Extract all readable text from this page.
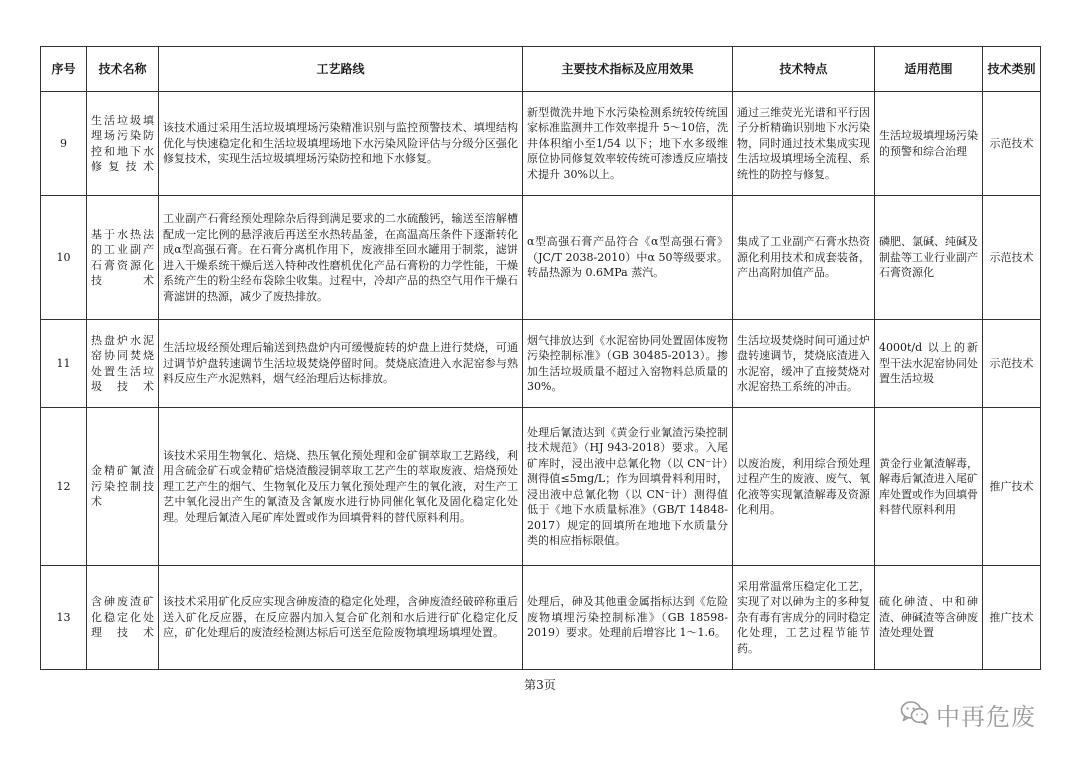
序号	技术名称	工艺路线	主要技术指标及应用效果	技术特点	适用范围	技术类别
9	生活垃圾填埋场污染防控和地下水修复技术	该技术通过采用生活垃圾填埋场污染精准识别与监控预警技术、填埋结构优化与快速稳定化和生活垃圾填埋场地下水污染风险评估与分级分区强化修复技术，实现生活垃圾填埋场污染防控和地下水修复。	新型微洗井地下水污染检测系统较传统国家标准监测井工作效率提升 5～10倍，洗井体积缩小至1/54 以下；地下水多级维原位协同修复效率较传统可渗透反应墙技术提升 30%以上。	通过三维荧光光谱和平行因子分析精确识别地下水污染物，同时通过技术集成实现生活垃圾填埋场全流程、系统性的防控与修复。	生活垃圾填埋场污染的预警和综合治理	示范技术
10	基于水热法的工业副产石膏资源化技术	工业副产石膏经预处理除杂后得到满足要求的二水硫酸钙，输送至溶解槽配成一定比例的悬浮液后再送至水热转晶釜，在高温高压条件下逐渐转化成α型高强石膏。在石膏分离机作用下，废液排至回水罐用于制浆，滤饼进入干燥系统干燥后送入特种改性磨机优化产品石膏粉的力学性能，干燥系统产生的粉尘经布袋除尘收集。过程中，冷却产品的热空气用作干燥石膏滤饼的热源，减少了废热排放。	α型高强石膏产品符合《α型高强石膏》（JC/T 2038-2010）中α 50等级要求。转晶热源为 0.6MPa 蒸汽。	集成了工业副产石膏水热资源化利用技术和成套装备，产出高附加值产品。	磷肥、氯碱、纯碱及制盐等工业行业副产石膏资源化	示范技术
11	热盘炉水泥窑协同焚烧处置生活垃圾技术	生活垃圾经预处理后输送到热盘炉内可缓慢旋转的炉盘上进行焚烧，可通过调节炉盘转速调节生活垃圾焚烧停留时间。焚烧底渣进入水泥窑参与熟料反应生产水泥熟料，烟气经治理后达标排放。	烟气排放达到《水泥窑协同处置固体废物污染控制标准》（GB 30485-2013）。掺加生活垃圾质量不超过入窑物料总质量的 30%。	生活垃圾焚烧时间可通过炉盘转速调节，焚烧底渣进入水泥窑，缓冲了直接焚烧对水泥窑热工系统的冲击。	4000t/d 以上的新型干法水泥窑协同处置生活垃圾	示范技术
12	金精矿氰渣污染控制技术	该技术采用生物氧化、焙烧、热压氧化预处理和金矿铜萃取工艺路线，利用含硫金矿石或金精矿焙烧渣酸浸铜萃取工艺产生的萃取废液、焙烧预处理工艺产生的烟气、生物氧化及压力氧化预处理产生的氧化液，对生产工艺中氧化浸出产生的氰渣及含氰废水进行协同催化氧化及固化稳定化处理。处理后氰渣入尾矿库处置或作为回填骨料的替代原料利用。	处理后氰渣达到《黄金行业氰渣污染控制技术规范》（HJ 943-2018）要求。入尾矿库时，浸出液中总氰化物（以 CN⁻计）测得值≤5mg/L；作为回填骨料利用时，浸出液中总氰化物（以 CN⁻计）测得值低于《地下水质量标准》（GB/T 14848-2017）规定的回填所在地地下水质量分类的相应指标限值。	以废治废，利用综合预处理过程产生的废液、废气、氧化液等实现氰渣解毒及资源化利用。	黄金行业氰渣解毒，解毒后氰渣进入尾矿库处置或作为回填骨料替代原料利用	推广技术
13	含砷废渣矿化稳定化处理技术	该技术采用矿化反应实现含砷废渣的稳定化处理，含砷废渣经破碎称重后送入矿化反应器，在反应器内加入复合矿化剂和水后进行矿化稳定化反应，矿化处理后的废渣经检测达标后可送至危险废物填埋场填埋处置。	处理后，砷及其他重金属指标达到《危险废物填埋污染控制标准》（GB 18598-2019）要求。处理前后增容比 1～1.6。	采用常温常压稳定化工艺，实现了对以砷为主的多种复杂有毒有害成分的同时稳定化处理，工艺过程节能节药。	硫化砷渣、中和砷渣、砷碱渣等含砷废渣处理处置	推广技术
第3页
中再危废
